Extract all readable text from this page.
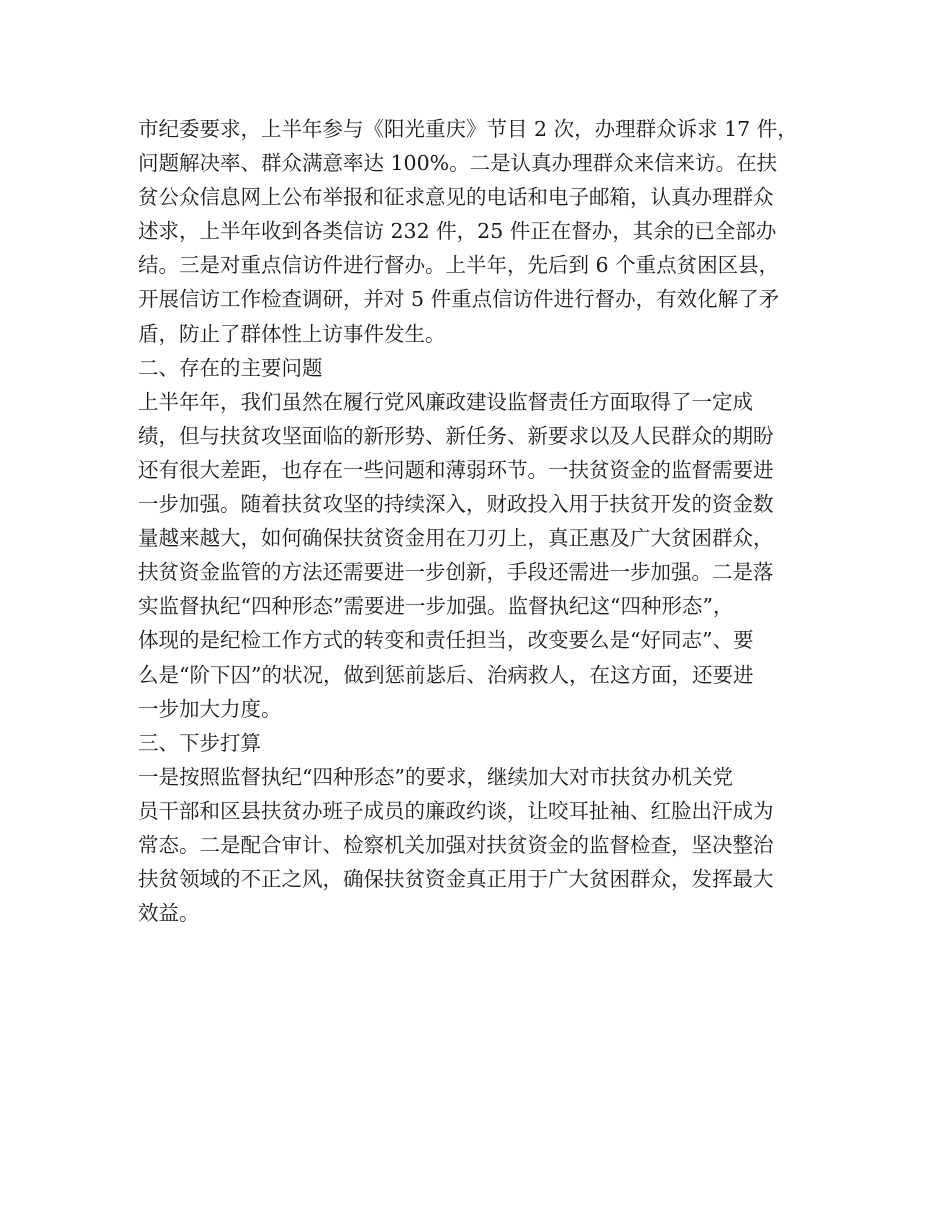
市纪委要求，上半年参与《阳光重庆》节目 2 次，办理群众诉求 17 件，
问题解决率、群众满意率达 100%。二是认真办理群众来信来访。在扶
贫公众信息网上公布举报和征求意见的电话和电子邮箱，认真办理群众
述求，上半年收到各类信访 232 件，25 件正在督办，其余的已全部办
结。三是对重点信访件进行督办。上半年，先后到 6 个重点贫困区县，
开展信访工作检查调研，并对 5 件重点信访件进行督办，有效化解了矛
盾，防止了群体性上访事件发生。
二、存在的主要问题
上半年年，我们虽然在履行党风廉政建设监督责任方面取得了一定成
绩，但与扶贫攻坚面临的新形势、新任务、新要求以及人民群众的期盼
还有很大差距，也存在一些问题和薄弱环节。一扶贫资金的监督需要进
一步加强。随着扶贫攻坚的持续深入，财政投入用于扶贫开发的资金数
量越来越大，如何确保扶贫资金用在刀刃上，真正惠及广大贫困群众，
扶贫资金监管的方法还需要进一步创新，手段还需进一步加强。二是落
实监督执纪“四种形态”需要进一步加强。监督执纪这“四种形态”，
体现的是纪检工作方式的转变和责任担当，改变要么是“好同志”、要
么是“阶下囚”的状况，做到惩前毖后、治病救人，在这方面，还要进
一步加大力度。
三、下步打算
一是按照监督执纪“四种形态”的要求，继续加大对市扶贫办机关党
员干部和区县扶贫办班子成员的廉政约谈，让咬耳扯袖、红脸出汗成为
常态。二是配合审计、检察机关加强对扶贫资金的监督检查，坚决整治
扶贫领域的不正之风，确保扶贫资金真正用于广大贫困群众，发挥最大
效益。
